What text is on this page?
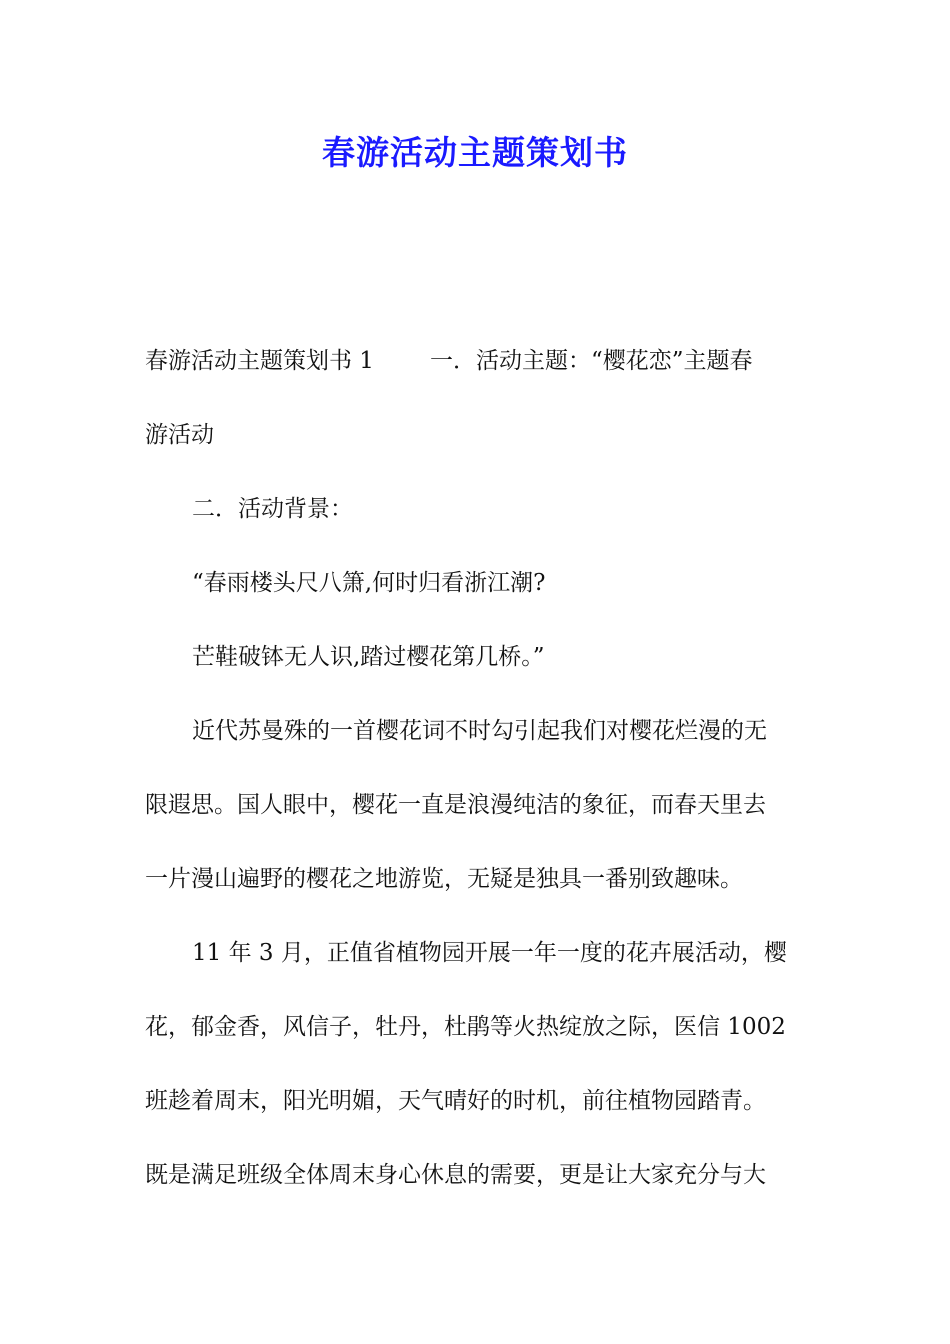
春游活动主题策划书
春游活动主题策划书 1 一．活动主题：“樱花恋”主题春
游活动
二．活动背景：
“春雨楼头尺八箫,何时归看浙江潮?
芒鞋破钵无人识,踏过樱花第几桥。”
近代苏曼殊的一首樱花词不时勾引起我们对樱花烂漫的无
限遐思。国人眼中，樱花一直是浪漫纯洁的象征，而春天里去
一片漫山遍野的樱花之地游览，无疑是独具一番别致趣味。
11 年 3 月，正值省植物园开展一年一度的花卉展活动，樱
花，郁金香，风信子，牡丹，杜鹃等火热绽放之际，医信 1002
班趁着周末，阳光明媚，天气晴好的时机，前往植物园踏青。
既是满足班级全体周末身心休息的需要，更是让大家充分与大
